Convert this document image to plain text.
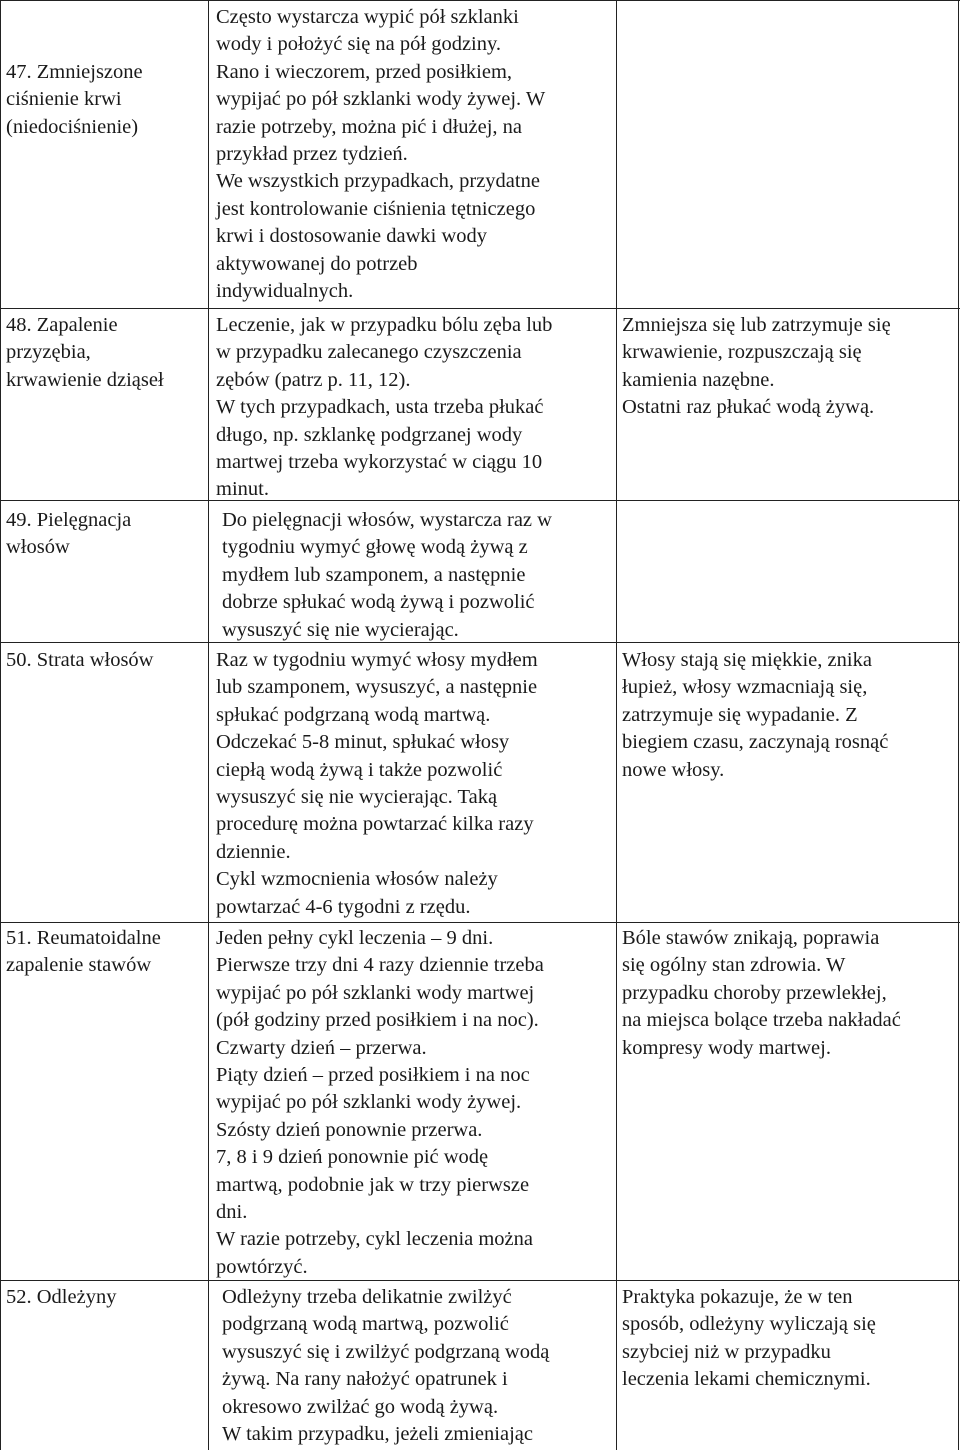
47. Zmniejszone
ciśnienie krwi
(niedociśnienie)
Często wystarcza wypić pół szklanki
wody i położyć się na pół godziny.
Rano i wieczorem, przed posiłkiem,
wypijać po pół szklanki wody żywej. W
razie potrzeby, można pić i dłużej, na
przykład przez tydzień.
We wszystkich przypadkach, przydatne
jest kontrolowanie ciśnienia tętniczego
krwi i dostosowanie dawki wody
aktywowanej do potrzeb
indywidualnych.
48. Zapalenie
przyzębia,
krwawienie dziąseł
Leczenie, jak w przypadku bólu zęba lub
w przypadku zalecanego czyszczenia
zębów (patrz p. 11, 12).
W tych przypadkach, usta trzeba płukać
długo, np. szklankę podgrzanej wody
martwej trzeba wykorzystać w ciągu 10
minut.
Zmniejsza się lub zatrzymuje się
krwawienie, rozpuszczają się
kamienia nazębne.
Ostatni raz płukać wodą żywą.
49. Pielęgnacja
włosów
Do pielęgnacji włosów, wystarcza raz w
tygodniu wymyć głowę wodą żywą z
mydłem lub szamponem, a następnie
dobrze spłukać wodą żywą i pozwolić
wysuszyć się nie wycierając.
50. Strata włosów	Raz w tygodniu wymyć włosy mydłem
lub szamponem, wysuszyć, a następnie
spłukać podgrzaną wodą martwą.
Odczekać 5-8 minut, spłukać włosy
ciepłą wodą żywą i także pozwolić
wysuszyć się nie wycierając. Taką
procedurę można powtarzać kilka razy
dziennie.
Cykl wzmocnienia włosów należy
powtarzać 4-6 tygodni z rzędu.
Włosy stają się miękkie, znika
łupież, włosy wzmacniają się,
zatrzymuje się wypadanie. Z
biegiem czasu, zaczynają rosnąć
nowe włosy.
51. Reumatoidalne
zapalenie stawów
Jeden pełny cykl leczenia – 9 dni.
Pierwsze trzy dni 4 razy dziennie trzeba
wypijać po pół szklanki wody martwej
(pół godziny przed posiłkiem i na noc).
Czwarty dzień – przerwa.
Piąty dzień – przed posiłkiem i na noc
wypijać po pół szklanki wody żywej.
Szósty dzień ponownie przerwa.
7, 8 i 9 dzień ponownie pić wodę
martwą, podobnie jak w trzy pierwsze
dni.
W razie potrzeby, cykl leczenia można
powtórzyć.
Bóle stawów znikają, poprawia
się ogólny stan zdrowia. W
przypadku choroby przewlekłej,
na miejsca bolące trzeba nakładać
kompresy wody martwej.
52. Odleżyny	Odleżyny trzeba delikatnie zwilżyć
podgrzaną wodą martwą, pozwolić
wysuszyć się i zwilżyć podgrzaną wodą
żywą. Na rany nałożyć opatrunek i
okresowo zwilżać go wodą żywą.
W takim przypadku, jeżeli zmieniając
Praktyka pokazuje, że w ten
sposób, odleżyny wyliczają się
szybciej niż w przypadku
leczenia lekami chemicznymi.
